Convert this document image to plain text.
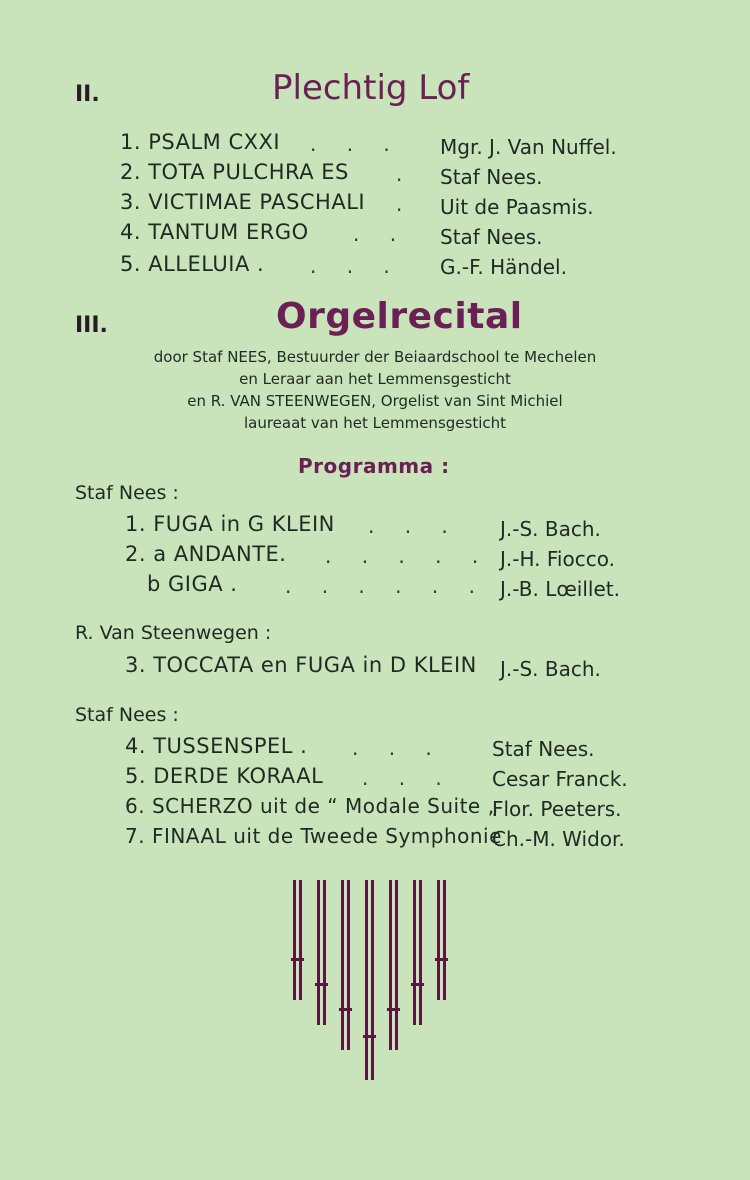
II.	Plechtig Lof
1. PSALM CXXI . . . Mgr. J. Van Nuffel.
2. TOTA PULCHRA ES . Staf Nees.
3. VICTIMAE PASCHALI . Uit de Paasmis.
4. TANTUM ERGO . . Staf Nees.
5. ALLELUIA . . . . G.-F. Händel.
III.	Orgelrecital
door Staf NEES, Bestuurder der Beiaardschool te Mechelen
en Leraar aan het Lemmensgesticht
en R. VAN STEENWEGEN, Orgelist van Sint Michiel
laureaat van het Lemmensgesticht
Programma :
Staf Nees :
1. FUGA in G KLEIN . . . J.-S. Bach.
2. a ANDANTE. . . . . . J.-H. Fiocco.
b GIGA . . . . . . . J.-B. Lœillet.
R. Van Steenwegen :
3. TOCCATA en FUGA in D KLEIN J.-S. Bach.
Staf Nees :
4. TUSSENSPEL . . . . Staf Nees.
5. DERDE KORAAL . . . Cesar Franck.
6. SCHERZO uit de “ Modale Suite „
Flor. Peeters.
7. FINAAL uit de Tweede Symphonie
Ch.-M. Widor.
